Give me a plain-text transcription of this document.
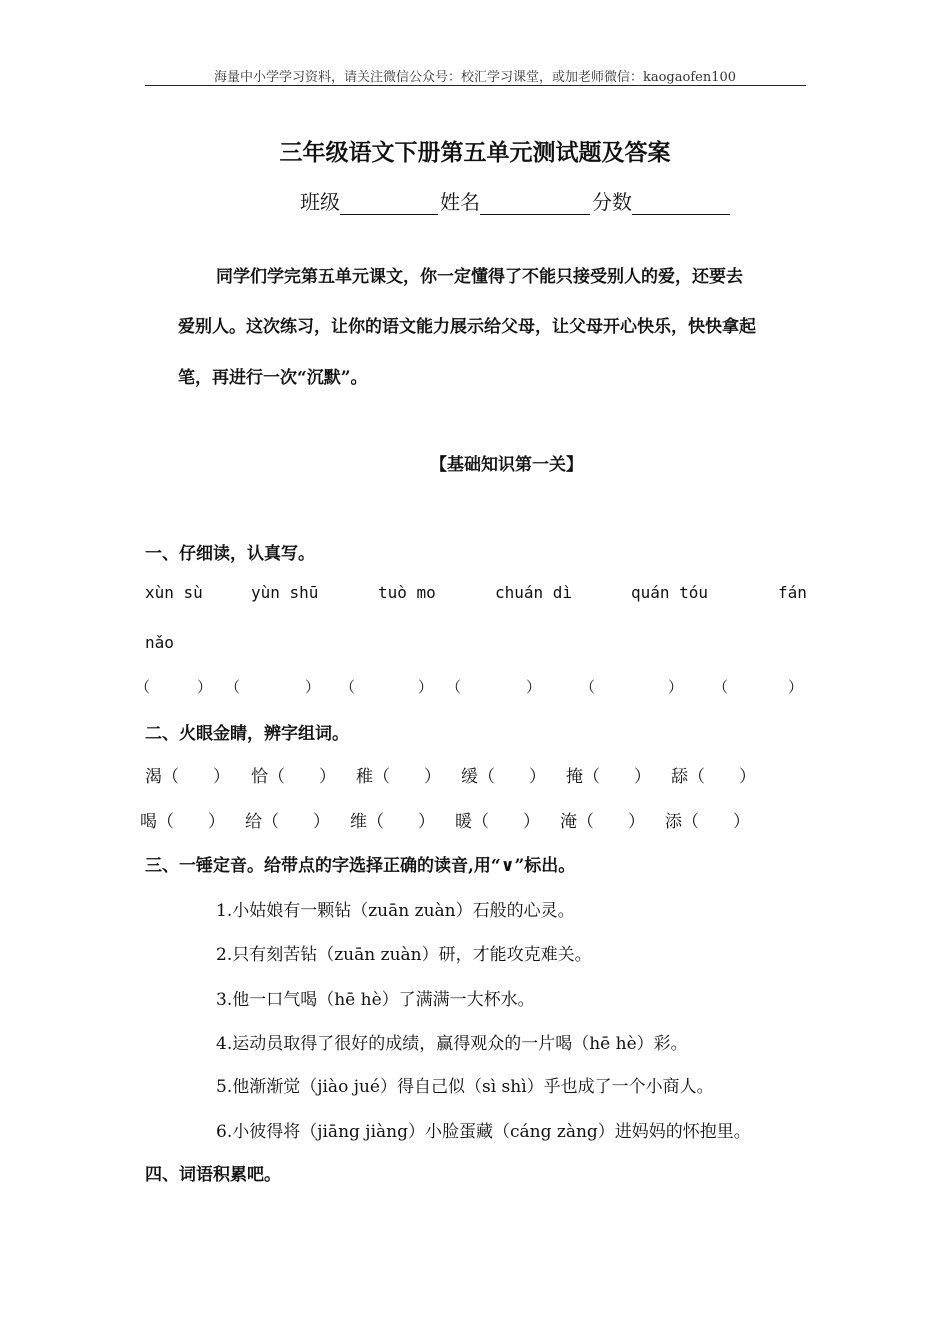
海量中小学学习资料，请关注微信公众号：校汇学习课堂，或加老师微信：kaogaofen100
三年级语文下册第五单元测试题及答案
班级	姓名	分数
同学们学完第五单元课文，你一定懂得了不能只接受别人的爱，还要去
爱别人。这次练习，让你的语文能力展示给父母，让父母开心快乐，快快拿起
笔，再进行一次“沉默”。
【基础知识第一关】
一、仔细读，认真写。
xùn sù	yùn shū	tuò mo	chuán dì	quán tóu	fán
nǎo
（	） （	） （	） （	）	（	） （	）
二、火眼金睛，辨字组词。
渴（ ） 恰（ ） 稚（ ） 缓（ ） 掩（ ） 舔（ ）
喝（ ） 给（ ） 维（ ） 暖（ ） 淹（ ） 添（ ）
三、一锤定音。给带点的字选择正确的读音,用“∨”标出。
1.小姑娘有一颗钻（zuān zuàn）石般的心灵。
2.只有刻苦钻（zuān zuàn）研，才能攻克难关。
3.他一口气喝（hē hè）了满满一大杯水。
4.运动员取得了很好的成绩，赢得观众的一片喝（hē hè）彩。
5.他渐渐觉（jiào jué）得自己似（sì shì）乎也成了一个小商人。
6.小彼得将（jiāng jiàng）小脸蛋藏（cáng zàng）进妈妈的怀抱里。
四、词语积累吧。
